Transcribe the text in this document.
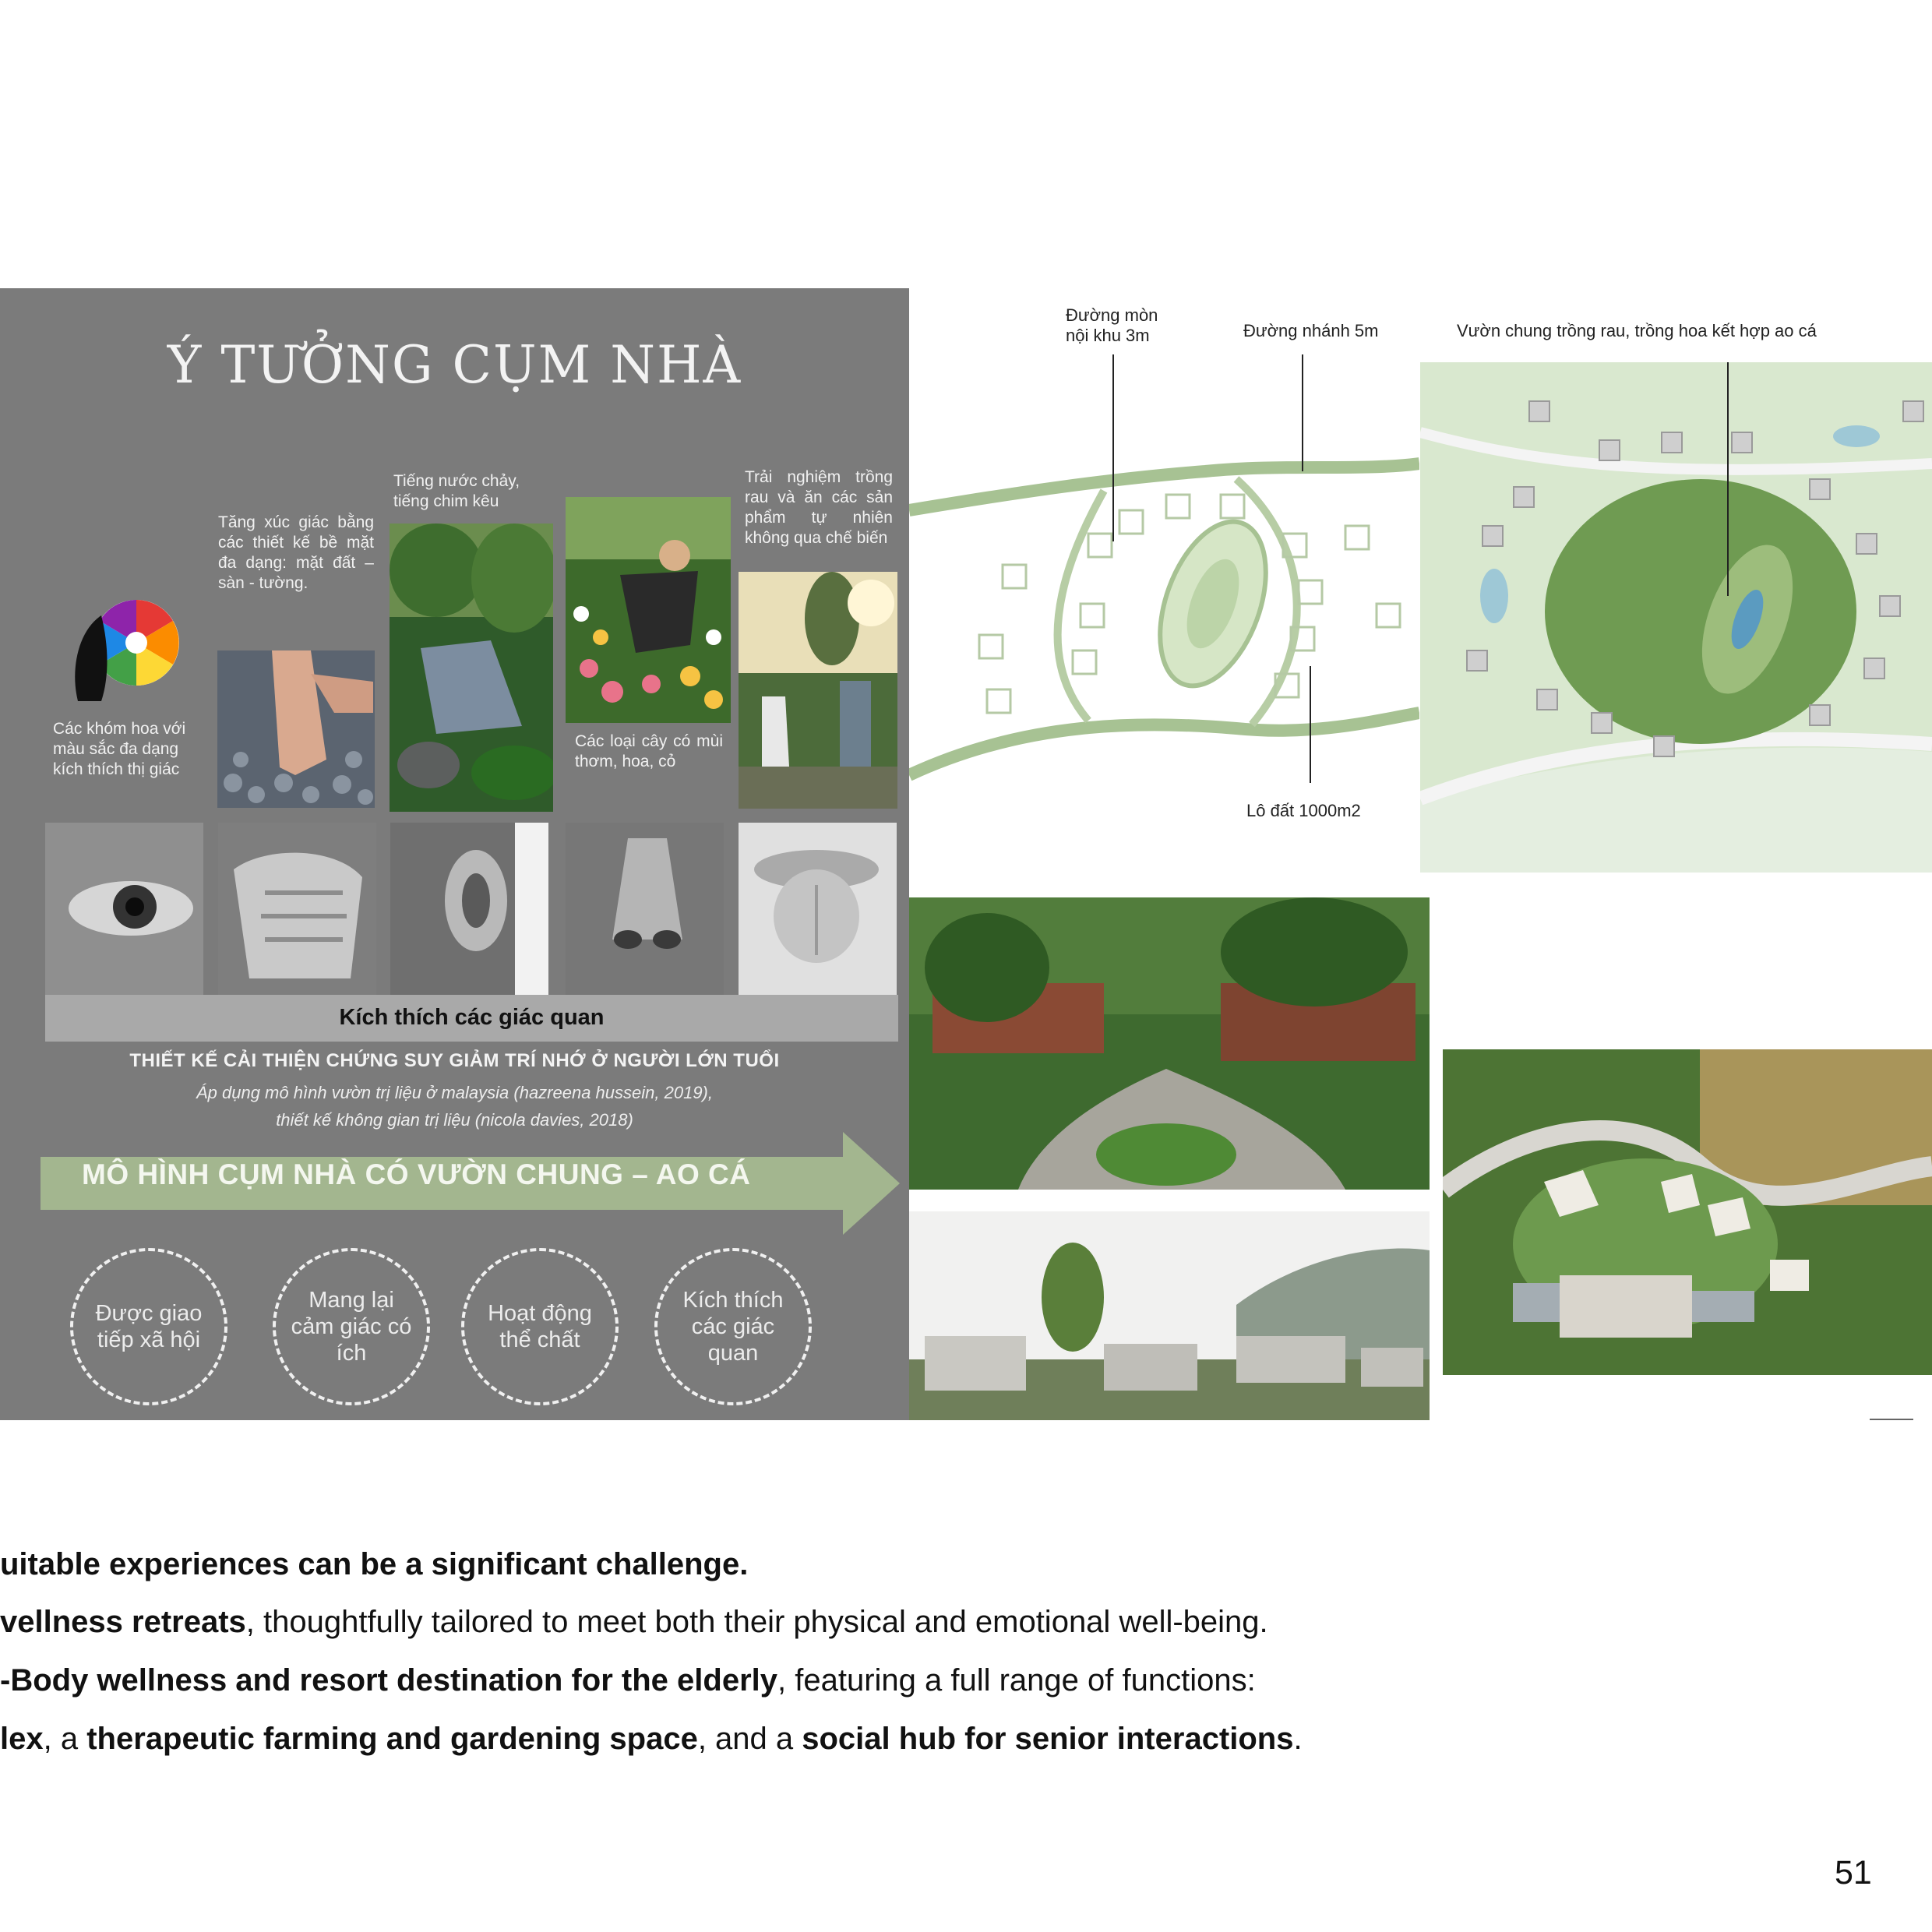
Ý TƯỞNG CỤM NHÀ
Các khóm hoa với màu sắc đa dạng kích thích thị giác
Tăng xúc giác bằng các thiết kế bề mặt đa dạng: mặt đất – sàn - tường.
Tiếng nước chảy, tiếng chim kêu
Các loại cây có mùi thơm, hoa, cỏ
Trải nghiệm trồng rau và ăn các sản phẩm tự nhiên không qua chế biến
Kích thích các giác quan
THIẾT KẾ CẢI THIỆN CHỨNG SUY GIẢM TRÍ NHỚ Ở NGƯỜI LỚN TUỔI
Áp dụng mô hình vườn trị liệu ở malaysia (hazreena hussein, 2019),
thiết kế không gian trị liệu (nicola davies, 2018)
MÔ HÌNH CỤM NHÀ CÓ VƯỜN CHUNG – AO CÁ
Được giao tiếp xã hội
Mang lại cảm giác có ích
Hoạt động thể chất
Kích thích các giác quan
Đường mòn nội khu 3m	Đường nhánh 5m
Lô đất 1000m2
Vườn chung trồng rau, trồng hoa kết hợp ao cá
uitable experiences can be a significant challenge.
vellness retreats, thoughtfully tailored to meet both their physical and emotional well-being.
-Body wellness and resort destination for the elderly, featuring a full range of functions:
lex, a therapeutic farming and gardening space, and a social hub for senior interactions.
51
